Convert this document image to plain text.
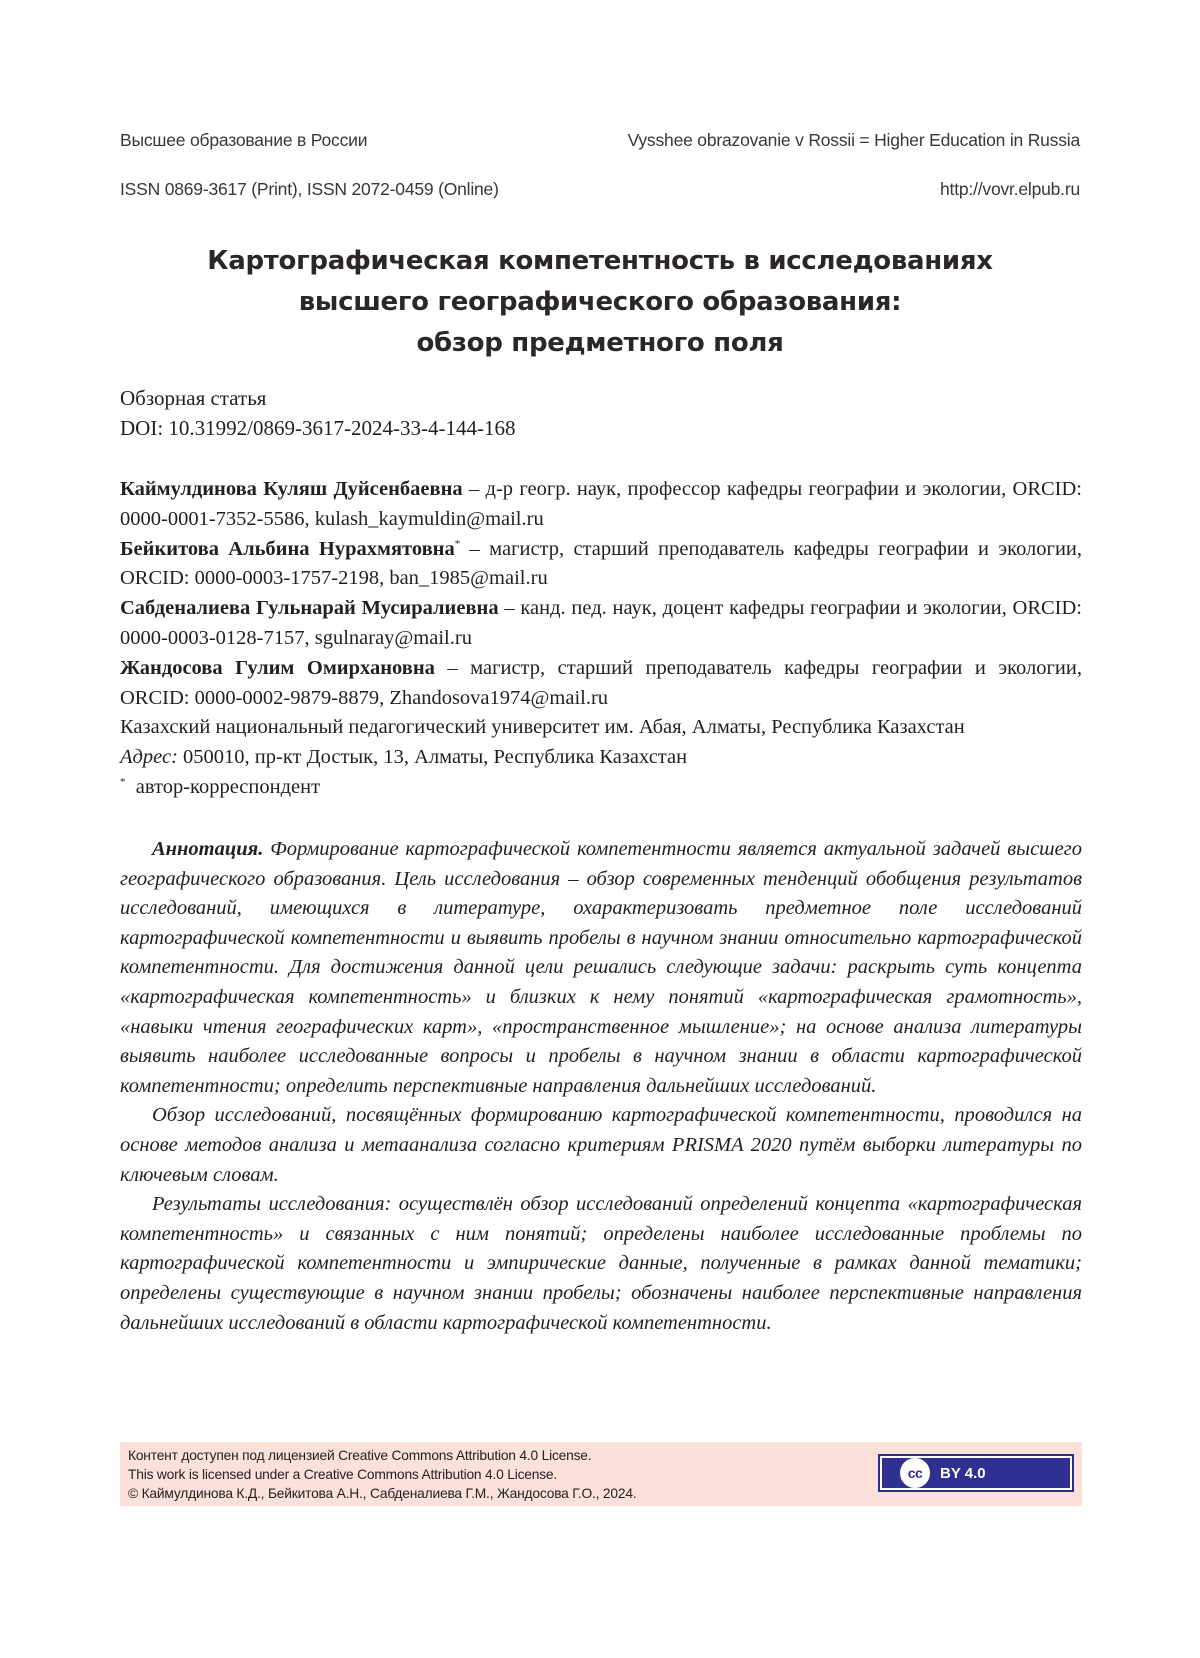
Высшее образование в России	Vysshee obrazovanie v Rossii = Higher Education in Russia
ISSN 0869-3617 (Print), ISSN 2072-0459 (Online)	http://vovr.elpub.ru
Картографическая компетентность в исследованиях
высшего географического образования:
обзор предметного поля
Обзорная статья
DOI: 10.31992/0869-3617-2024-33-4-144-168

Каймулдинова Куляш Дуйсенбаевна – д-р геогр. наук, профессор кафедры географии и экологии, ORCID: 0000-0001-7352-5586, kulash_kaymuldin@mail.ru

Бейкитова Альбина Нурахмятовна* – магистр, старший преподаватель кафедры географии и экологии, ORCID: 0000-0003-1757-2198, ban_1985@mail.ru

Сабденалиева Гульнарай Мусиралиевна – канд. пед. наук, доцент кафедры географии и экологии, ORCID: 0000-0003-0128-7157, sgulnaray@mail.ru

Жандосова Гулим Омирхановна – магистр, старший преподаватель кафедры географии и экологии, ORCID: 0000-0002-9879-8879, Zhandosova1974@mail.ru

Казахский национальный педагогический университет им. Абая, Алматы, Республика Казахстан

Адрес: 050010, пр-кт Достык, 13, Алматы, Республика Казахстан

* автор-корреспондент

Аннотация. Формирование картографической компетентности является актуальной задачей высшего географического образования. Цель исследования – обзор современных тенденций обобщения результатов исследований, имеющихся в литературе, охарактеризовать предметное поле исследований картографической компетентности и выявить пробелы в научном знании относительно картографической компетентности. Для достижения данной цели решались следующие задачи: раскрыть суть концепта «картографическая компетентность» и близких к нему понятий «картографическая грамотность», «навыки чтения географических карт», «пространственное мышление»; на основе анализа литературы выявить наиболее исследованные вопросы и пробелы в научном знании в области картографической компетентности; определить перспективные направления дальнейших исследований.

Обзор исследований, посвящённых формированию картографической компетентности, проводился на основе методов анализа и метаанализа согласно критериям PRISMA 2020 путём выборки литературы по ключевым словам.

Результаты исследования: осуществлён обзор исследований определений концепта «картографическая компетентность» и связанных с ним понятий; определены наиболее исследованные проблемы по картографической компетентности и эмпирические данные, полученные в рамках данной тематики; определены существующие в научном знании пробелы; обозначены наиболее перспективные направления дальнейших исследований в области картографической компетентности.

Контент доступен под лицензией Creative Commons Attribution 4.0 License.
This work is licensed under a Creative Commons Attribution 4.0 License.
© Каймулдинова К.Д., Бейкитова А.Н., Сабденалиева Г.М., Жандосова Г.О., 2024.
cc BY 4.0
